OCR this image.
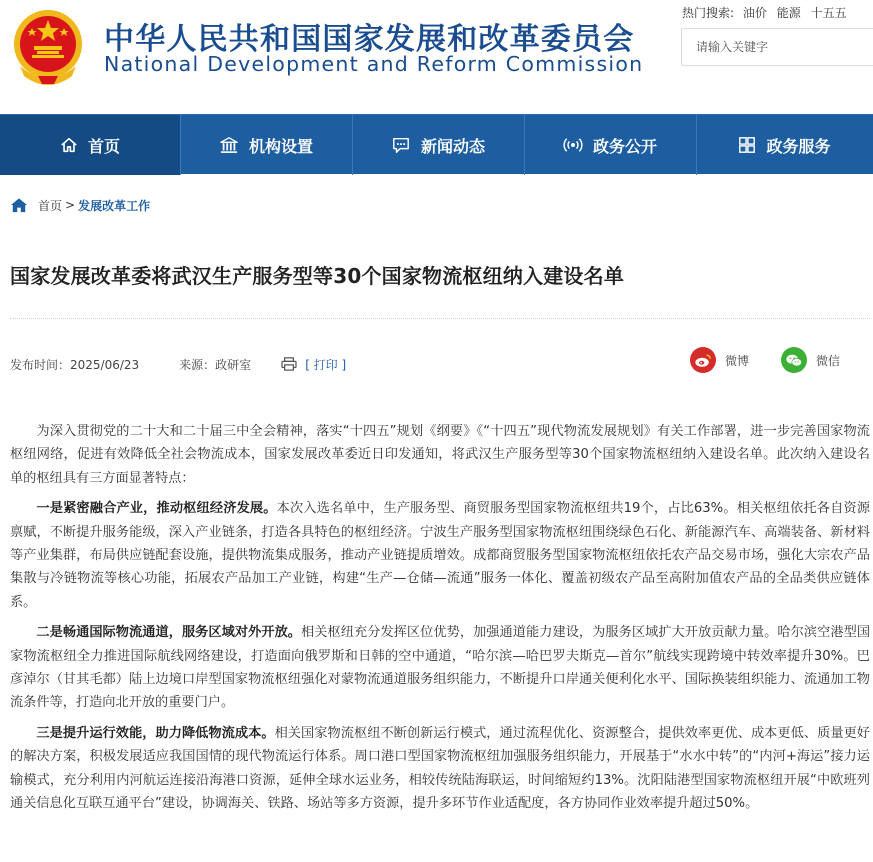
中华人民共和国国家发展和改革委员会
National Development and Reform Commission
热门搜索: 油价 能源 十五五
请输入关键字
首页	机构设置	新闻动态	政务公开	政务服务
首页 > 发展改革工作
国家发展改革委将武汉生产服务型等30个国家物流枢纽纳入建设名单
发布时间：2025/06/23	来源：政研室	[ 打印 ]	微博	微信

为深入贯彻党的二十大和二十届三中全会精神，落实“十四五”规划《纲要》《“十四五”现代物流发展规划》有关工作部署，进一步完善国家物流枢纽网络，促进有效降低全社会物流成本，国家发展改革委近日印发通知，将武汉生产服务型等30个国家物流枢纽纳入建设名单。此次纳入建设名单的枢纽具有三方面显著特点：

一是紧密融合产业，推动枢纽经济发展。本次入选名单中，生产服务型、商贸服务型国家物流枢纽共19个，占比63%。相关枢纽依托各自资源禀赋，不断提升服务能级，深入产业链条，打造各具特色的枢纽经济。宁波生产服务型国家物流枢纽围绕绿色石化、新能源汽车、高端装备、新材料等产业集群，布局供应链配套设施，提供物流集成服务，推动产业链提质增效。成都商贸服务型国家物流枢纽依托农产品交易市场，强化大宗农产品集散与冷链物流等核心功能，拓展农产品加工产业链，构建“生产—仓储—流通”服务一体化、覆盖初级农产品至高附加值农产品的全品类供应链体系。

二是畅通国际物流通道，服务区域对外开放。相关枢纽充分发挥区位优势，加强通道能力建设，为服务区域扩大开放贡献力量。哈尔滨空港型国家物流枢纽全力推进国际航线网络建设，打造面向俄罗斯和日韩的空中通道，“哈尔滨—哈巴罗夫斯克—首尔”航线实现跨境中转效率提升30%。巴彦淖尔（甘其毛都）陆上边境口岸型国家物流枢纽强化对蒙物流通道服务组织能力，不断提升口岸通关便利化水平、国际换装组织能力、流通加工物流条件等，打造向北开放的重要门户。

三是提升运行效能，助力降低物流成本。相关国家物流枢纽不断创新运行模式，通过流程优化、资源整合，提供效率更优、成本更低、质量更好的解决方案，积极发展适应我国国情的现代物流运行体系。周口港口型国家物流枢纽加强服务组织能力，开展基于“水水中转”的“内河+海运”接力运输模式，充分利用内河航运连接沿海港口资源，延伸全球水运业务，相较传统陆海联运，时间缩短约13%。沈阳陆港型国家物流枢纽开展“中欧班列通关信息化互联互通平台”建设，协调海关、铁路、场站等多方资源，提升多环节作业适配度，各方协同作业效率提升超过50%。
